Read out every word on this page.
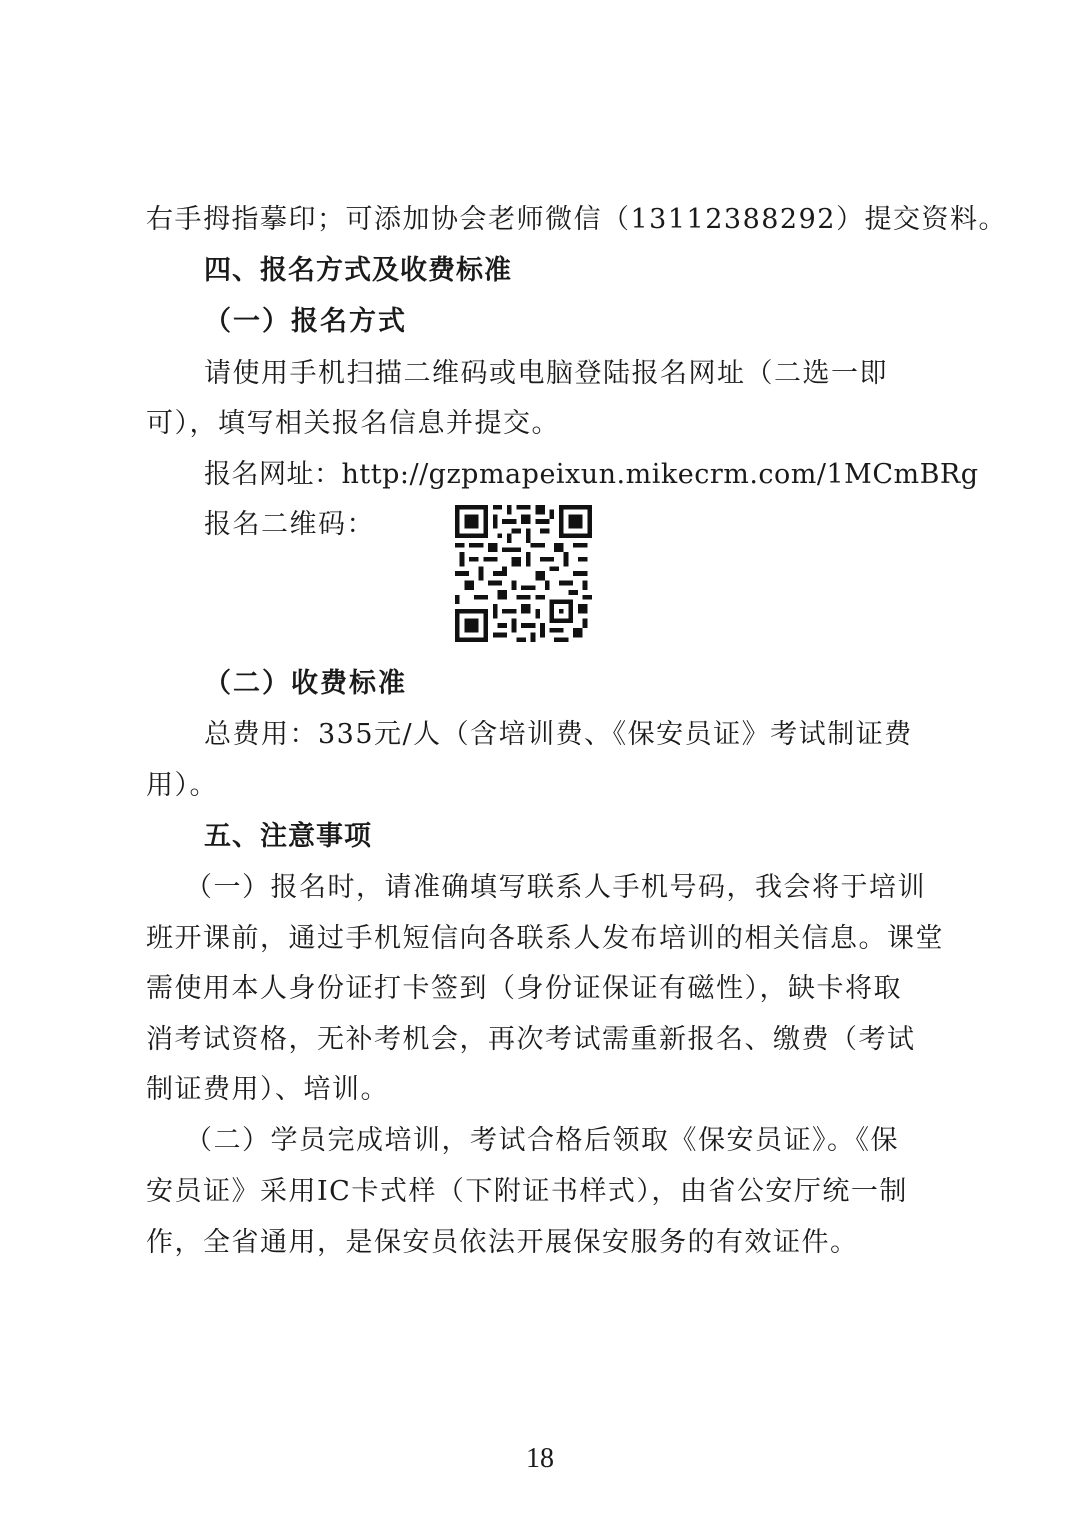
右手拇指摹印；可添加协会老师微信（13112388292）提交资料。
四、报名方式及收费标准
（一）报名方式
请使用手机扫描二维码或电脑登陆报名网址（二选一即
可），填写相关报名信息并提交。
报名网址：http://gzpmapeixun.mikecrm.com/1MCmBRg
报名二维码：
（二）收费标准
总费用：335元/人（含培训费、《保安员证》考试制证费
用）。
五、注意事项
（一）报名时，请准确填写联系人手机号码，我会将于培训
班开课前，通过手机短信向各联系人发布培训的相关信息。课堂
需使用本人身份证打卡签到（身份证保证有磁性），缺卡将取
消考试资格，无补考机会，再次考试需重新报名、缴费（考试
制证费用）、培训。
（二）学员完成培训，考试合格后领取《保安员证》。《保
安员证》采用IC卡式样（下附证书样式），由省公安厅统一制
作，全省通用，是保安员依法开展保安服务的有效证件。
18
